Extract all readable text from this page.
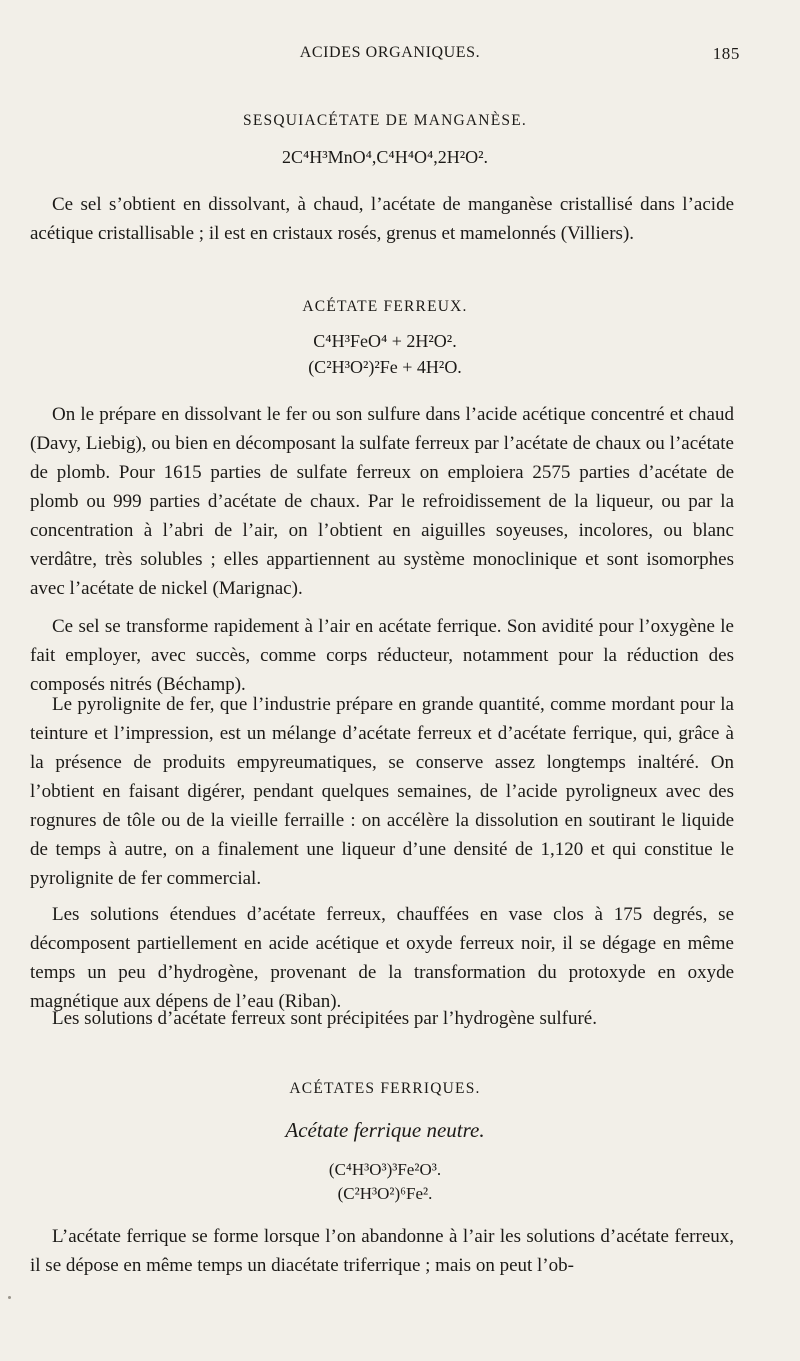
ACIDES ORGANIQUES.	185
SESQUIACÉTATE DE MANGANÈSE.
2C⁴H³MnO⁴,C⁴H⁴O⁴,2H²O².

Ce sel s’obtient en dissolvant, à chaud, l’acétate de manganèse cristallisé dans l’acide acétique cristallisable ; il est en cristaux rosés, grenus et mamelonnés (Villiers).

ACÉTATE FERREUX.
C⁴H³FeO⁴ + 2H²O².
(C²H³O²)²Fe + 4H²O.

On le prépare en dissolvant le fer ou son sulfure dans l’acide acétique concentré et chaud (Davy, Liebig), ou bien en décomposant la sulfate ferreux par l’acétate de chaux ou l’acétate de plomb. Pour 1615 parties de sulfate ferreux on emploiera 2575 parties d’acétate de plomb ou 999 parties d’acétate de chaux. Par le refroidissement de la liqueur, ou par la concentration à l’abri de l’air, on l’obtient en aiguilles soyeuses, incolores, ou blanc verdâtre, très solubles ; elles appartiennent au système monoclinique et sont isomorphes avec l’acétate de nickel (Marignac).

Ce sel se transforme rapidement à l’air en acétate ferrique. Son avidité pour l’oxygène le fait employer, avec succès, comme corps réducteur, notamment pour la réduction des composés nitrés (Béchamp).

Le pyrolignite de fer, que l’industrie prépare en grande quantité, comme mordant pour la teinture et l’impression, est un mélange d’acétate ferreux et d’acétate ferrique, qui, grâce à la présence de produits empyreumatiques, se conserve assez longtemps inaltéré. On l’obtient en faisant digérer, pendant quelques semaines, de l’acide pyroligneux avec des rognures de tôle ou de la vieille ferraille : on accélère la dissolution en soutirant le liquide de temps à autre, on a finalement une liqueur d’une densité de 1,120 et qui constitue le pyrolignite de fer commercial.

Les solutions étendues d’acétate ferreux, chauffées en vase clos à 175 degrés, se décomposent partiellement en acide acétique et oxyde ferreux noir, il se dégage en même temps un peu d’hydrogène, provenant de la transformation du protoxyde en oxyde magnétique aux dépens de l’eau (Riban).

Les solutions d’acétate ferreux sont précipitées par l’hydrogène sulfuré.

ACÉTATES FERRIQUES.
Acétate ferrique neutre.
(C⁴H³O³)³Fe²O³.
(C²H³O²)⁶Fe².

L’acétate ferrique se forme lorsque l’on abandonne à l’air les solutions d’acétate ferreux, il se dépose en même temps un diacétate triferrique ; mais on peut l’ob-
